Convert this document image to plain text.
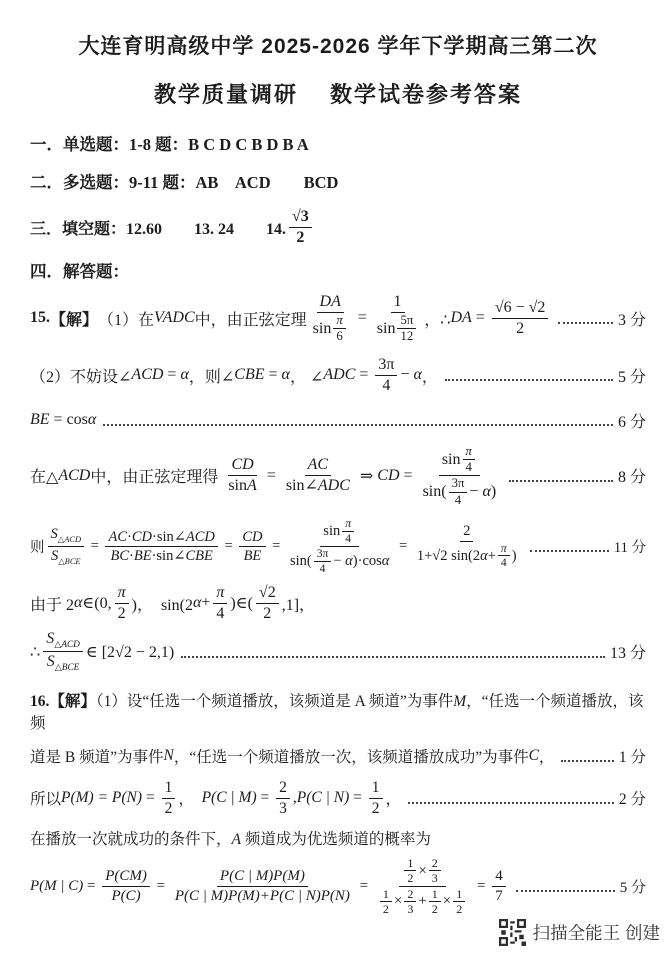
大连育明高级中学 2025-2026 学年下学期高三第二次
教学质量调研　 数学试卷参考答案
一．单选题：1-8 题：B C D C B D B A
二．多选题：9-11 题：AB　ACD　　BCD
三．填空题：12.60　　13. 24　　14. $\frac{√3}{2}$
四．解答题：
15. 【解】 （1）在 VADC 中，由正弦定理 $\frac{DA}{\sin \frac{\pi}{6}} = \frac{1}{\sin \frac{5\pi}{12}}$ ，∴ DA = $\frac{√6 - √2}{2}$	3 分
（2）不妨设∠ ACD = α ，则∠ CBE = α ， ∠ ADC = $\frac{3\pi}{4} - \alpha$ ，	5 分
BE = cos α	6 分
在△ ACD 中，由正弦定理得 $\frac{CD}{\text{sin A}} = \frac{AC}{\text{sin∠ ADC}}$ ⇒ CD = $\frac{\sin \frac{\pi}{4}}{\sin( \frac{3\pi}{4} - \alpha )}$	8 分
则 $\frac{S_{\triangle ACD}}{S_{\triangle BCE}} = \frac{\text{AC · CD ·sin∠ ACD}}{\text{BC · BE ·sin∠ CBE}} = \frac{CD}{BE} = \frac{\sin \frac{\pi}{4}}{\sin( \frac{3\pi}{4} - \alpha )\cdot\cos \alpha} = \frac{2}{1+√2 \sin(2 \alpha + \frac{\pi}{4} )}$	11 分
由于 2 α ∈(0, $\frac{\pi}{2}$ )，  sin(2 $\alpha + \frac{\pi}{4}$ )∈( $\frac{√2}{2} ,1$]，
∴ $\frac{S_{\triangle ACD}}{S_{\triangle BCE}}$ ∈ [2√2 − 2,1)	13 分
16.【解】（1）设“任选一个频道播放，该频道是 A 频道”为事件M，“任选一个频道播放，该频
道是 B 频道”为事件 N ，“任选一个频道播放一次，该频道播放成功”为事件 C ，	1 分
所以 $P(M) = P(N) = \frac{1}{2}$ ， P(C | $M) = \frac{2}{3}$ , P(C | $N) = \frac{1}{2}$ ，	2 分
在播放一次就成功的条件下，A 频道成为优选频道的概率为
P(M | $C) = \frac{P(CM)}{P(C)} = \frac{P(C | M)P(M)}{P(C | M)P(M)+P(C | N)P(N)} = \frac{\frac{1}{2} \times \frac{2}{3}}{\frac{1}{2} \times \frac{2}{3} + \frac{1}{2} \times \frac{1}{2}} = \frac{4}{7}$	5 分
扫描全能王 创建
